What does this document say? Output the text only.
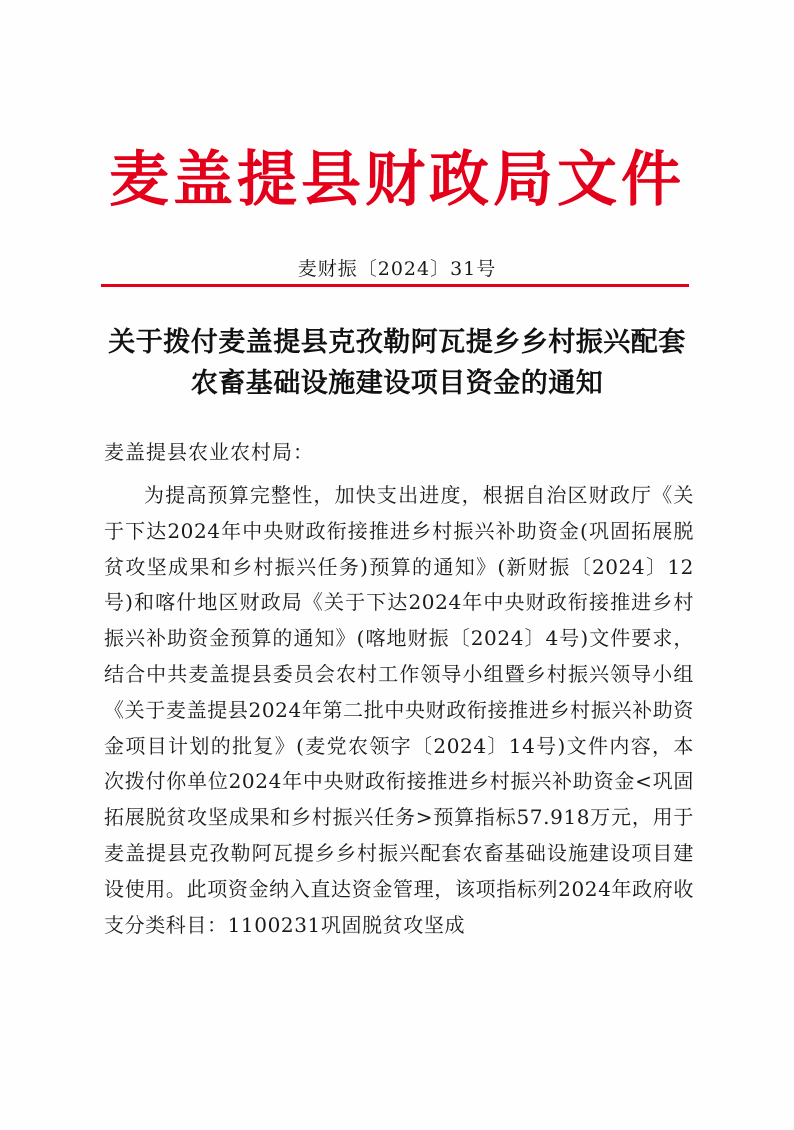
麦盖提县财政局文件
麦财振〔2024〕31号
关于拨付麦盖提县克孜勒阿瓦提乡乡村振兴配套农畜基础设施建设项目资金的通知
麦盖提县农业农村局：

为提高预算完整性，加快支出进度，根据自治区财政厅《关于下达2024年中央财政衔接推进乡村振兴补助资金(巩固拓展脱贫攻坚成果和乡村振兴任务)预算的通知》(新财振〔2024〕12号)和喀什地区财政局《关于下达2024年中央财政衔接推进乡村振兴补助资金预算的通知》(喀地财振〔2024〕4号)文件要求，结合中共麦盖提县委员会农村工作领导小组暨乡村振兴领导小组《关于麦盖提县2024年第二批中央财政衔接推进乡村振兴补助资金项目计划的批复》(麦党农领字〔2024〕14号)文件内容，本次拨付你单位2024年中央财政衔接推进乡村振兴补助资金<巩固拓展脱贫攻坚成果和乡村振兴任务>预算指标57.918万元，用于麦盖提县克孜勒阿瓦提乡乡村振兴配套农畜基础设施建设项目建设使用。此项资金纳入直达资金管理，该项指标列2024年政府收支分类科目：1100231巩固脱贫攻坚成
